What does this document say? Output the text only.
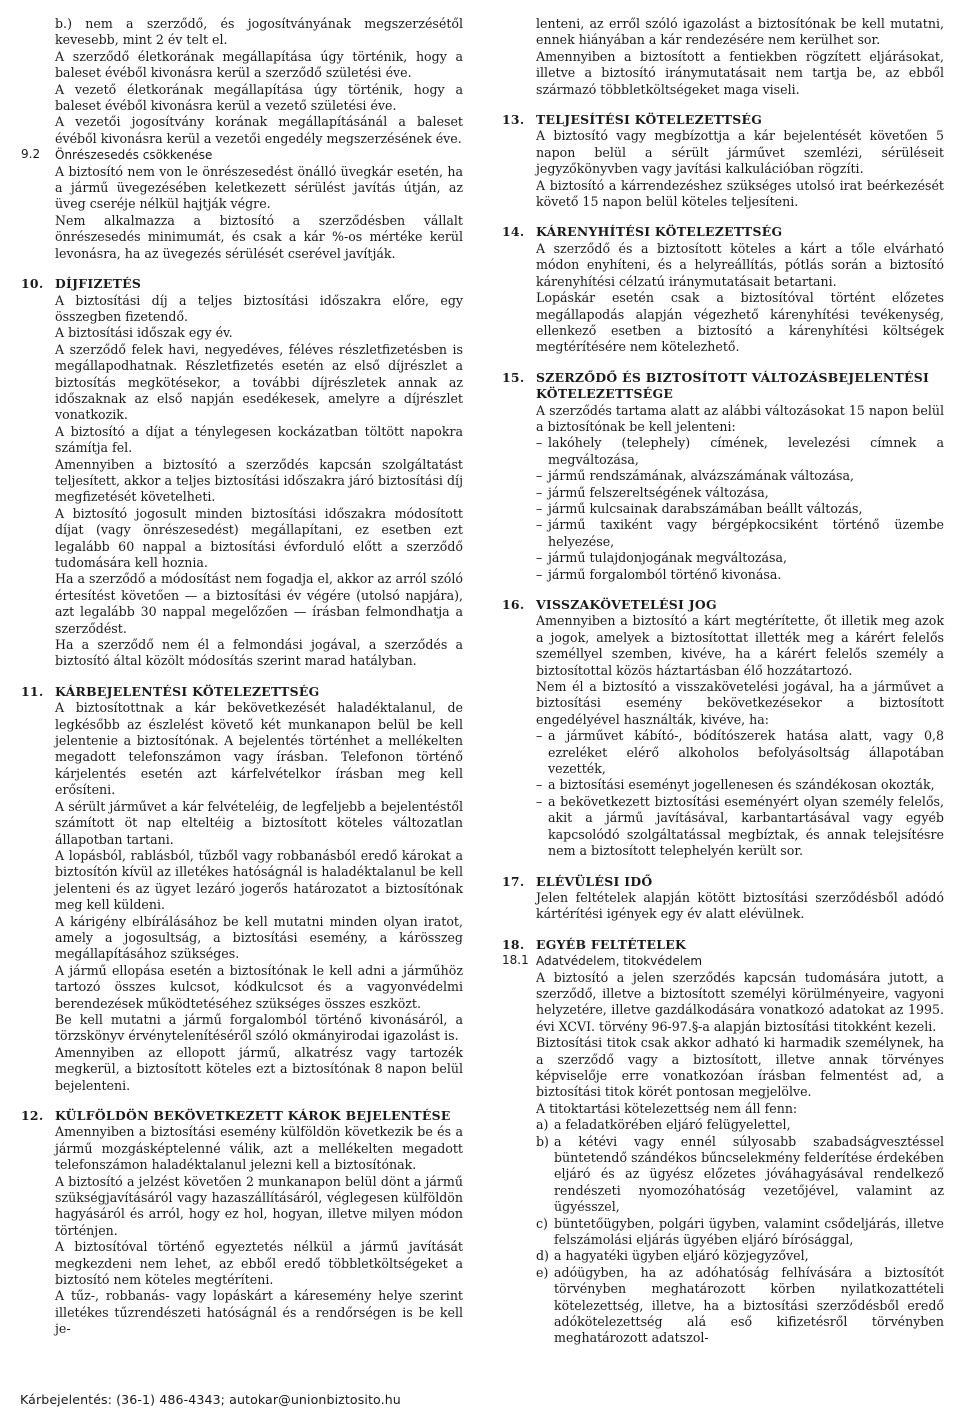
b.) nem a szerződő, és jogosítványának megszerzésétől kevesebb, mint 2 év telt el.

A szerződő életkorának megállapítása úgy történik, hogy a baleset évéből kivonásra kerül a szerződő születési éve.

A vezető életkorának megállapítása úgy történik, hogy a baleset évéből kivonásra kerül a vezető születési éve.

A vezetői jogosítvány korának megállapításánál a baleset évéből kivonásra kerül a vezetői engedély megszerzésének éve.

9.2 Önrészesedés csökkenése

A biztosító nem von le önrészesedést önálló üvegkár esetén, ha a jármű üvegezésében keletkezett sérülést javítás útján, az üveg cseréje nélkül hajtják végre.

Nem alkalmazza a biztosító a szerződésben vállalt önrészesedés minimumát, és csak a kár %-os mértéke kerül levonásra, ha az üvegezés sérülését cserével javítják.

10. DÍJFIZETÉS

A biztosítási díj a teljes biztosítási időszakra előre, egy összegben fizetendő.

A biztosítási időszak egy év.

A szerződő felek havi, negyedéves, féléves részletfizetésben is megállapodhatnak. Részletfizetés esetén az első díjrészlet a biztosítás megkötésekor, a további díjrészletek annak az időszaknak az első napján esedékesek, amelyre a díjrészlet vonatkozik.

A biztosító a díjat a ténylegesen kockázatban töltött napokra számítja fel.

Amennyiben a biztosító a szerződés kapcsán szolgáltatást teljesített, akkor a teljes biztosítási időszakra járó biztosítási díj megfizetését követelheti.

A biztosító jogosult minden biztosítási időszakra módosított díjat (vagy önrészesedést) megállapítani, ez esetben ezt legalább 60 nappal a biztosítási évforduló előtt a szerződő tudomására kell hoznia.

Ha a szerződő a módosítást nem fogadja el, akkor az arról szóló értesítést követően — a biztosítási év végére (utolsó napjára), azt legalább 30 nappal megelőzően — írásban felmondhatja a szerződést.

Ha a szerződő nem él a felmondási jogával, a szerződés a biztosító által közölt módosítás szerint marad hatályban.

11. KÁRBEJELENTÉSI KÖTELEZETTSÉG

A biztosítottnak a kár bekövetkezését haladéktalanul, de legkésőbb az észlelést követő két munkanapon belül be kell jelentenie a biztosítónak. A bejelentés történhet a mellékelten megadott telefonszámon vagy írásban. Telefonon történő kárjelentés esetén azt kárfelvételkor írásban meg kell erősíteni.

A sérült járművet a kár felvételéig, de legfeljebb a bejelentéstől számított öt nap elteltéig a biztosított köteles változatlan állapotban tartani.

A lopásból, rablásból, tűzből vagy robbanásból eredő károkat a biztosítón kívül az illetékes hatóságnál is haladéktalanul be kell jelenteni és az ügyet lezáró jogerős határozatot a biztosítónak meg kell küldeni.

A kárigény elbírálásához be kell mutatni minden olyan iratot, amely a jogosultság, a biztosítási esemény, a kárösszeg megállapításához szükséges.

A jármű ellopása esetén a biztosítónak le kell adni a járműhöz tartozó összes kulcsot, kódkulcsot és a vagyonvédelmi berendezések működtetéséhez szükséges összes eszközt.

Be kell mutatni a jármű forgalomból történő kivonásáról, a törzskönyv érvénytelenítéséről szóló okmányirodai igazolást is.

Amennyiben az ellopott jármű, alkatrész vagy tartozék megkerül, a biztosított köteles ezt a biztosítónak 8 napon belül bejelenteni.

12. KÜLFÖLDÖN BEKÖVETKEZETT KÁROK BEJELENTÉSE

Amennyiben a biztosítási esemény külföldön következik be és a jármű mozgásképtelenné válik, azt a mellékelten megadott telefonszámon haladéktalanul jelezni kell a biztosítónak.

A biztosító a jelzést követően 2 munkanapon belül dönt a jármű szükségjavításáról vagy hazaszállításáról, véglegesen külföldön hagyásáról és arról, hogy ez hol, hogyan, illetve milyen módon történjen.

A biztosítóval történő egyeztetés nélkül a jármű javítását megkezdeni nem lehet, az ebből eredő többletköltségeket a biztosító nem köteles megtéríteni.

A tűz-, robbanás- vagy lopáskárt a káresemény helye szerint illetékes tűzrendészeti hatóságnál és a rendőrségen is be kell je-

lenteni, az erről szóló igazolást a biztosítónak be kell mutatni, ennek hiányában a kár rendezésére nem kerülhet sor.

Amennyiben a biztosított a fentiekben rögzített eljárásokat, illetve a biztosító iránymutatásait nem tartja be, az ebből származó többletköltségeket maga viseli.

13. TELJESÍTÉSI KÖTELEZETTSÉG

A biztosító vagy megbízottja a kár bejelentését követően 5 napon belül a sérült járművet szemlézi, sérüléseit jegyzőkönyvben vagy javítási kalkulációban rögzíti.

A biztosító a kárrendezéshez szükséges utolsó irat beérkezését követő 15 napon belül köteles teljesíteni.

14. KÁRENYHÍTÉSI KÖTELEZETTSÉG

A szerződő és a biztosított köteles a kárt a tőle elvárható módon enyhíteni, és a helyreállítás, pótlás során a biztosító kárenyhítési célzatú iránymutatásait betartani.

Lopáskár esetén csak a biztosítóval történt előzetes megállapodás alapján végezhető kárenyhítési tevékenység, ellenkező esetben a biztosító a kárenyhítési költségek megtérítésére nem kötelezhető.

15. SZERZŐDŐ ÉS BIZTOSÍTOTT VÁLTOZÁSBEJELENTÉSI KÖTELEZETTSÉGE

A szerződés tartama alatt az alábbi változásokat 15 napon belül a biztosítónak be kell jelenteni:

– lakóhely (telephely) címének, levelezési címnek a megváltozása,
– jármű rendszámának, alvázszámának változása,
– jármű felszereltségének változása,
– jármű kulcsainak darabszámában beállt változás,
– jármű taxiként vagy bérgépkocsiként történő üzembe helyezése,
– jármű tulajdonjogának megváltozása,
– jármű forgalomból történő kivonása.
16. VISSZAKÖVETELÉSI JOG

Amennyiben a biztosító a kárt megtérítette, őt illetik meg azok a jogok, amelyek a biztosítottat illették meg a kárért felelős személlyel szemben, kivéve, ha a kárért felelős személy a biztosítottal közös háztartásban élő hozzátartozó.

Nem él a biztosító a visszakövetelési jogával, ha a járművet a biztosítási esemény bekövetkezésekor a biztosított engedélyével használták, kivéve, ha:

– a járművet kábító-, bódítószerek hatása alatt, vagy 0,8 ezreléket elérő alkoholos befolyásoltság állapotában vezették,
– a biztosítási eseményt jogellenesen és szándékosan okozták,
– a bekövetkezett biztosítási eseményért olyan személy felelős, akit a jármű javításával, karbantartásával vagy egyéb kapcsolódó szolgáltatással megbíztak, és annak telejsítésre nem a biztosított telephelyén került sor.
17. ELÉVÜLÉSI IDŐ

Jelen feltételek alapján kötött biztosítási szerződésből adódó kártérítési igények egy év alatt elévülnek.

18. EGYÉB FELTÉTELEK
18.1 Adatvédelem, titokvédelem

A biztosító a jelen szerződés kapcsán tudomására jutott, a szerződő, illetve a biztosított személyi körülményeire, vagyoni helyzetére, illetve gazdálkodására vonatkozó adatokat az 1995. évi XCVI. törvény 96-97.§-a alapján biztosítási titokként kezeli.

Biztosítási titok csak akkor adható ki harmadik személynek, ha a szerződő vagy a biztosított, illetve annak törvényes képviselője erre vonatkozóan írásban felmentést ad, a biztosítási titok körét pontosan megjelölve.

A titoktartási kötelezettség nem áll fenn:

a) a feladatkörében eljáró felügyelettel,
b) a kétévi vagy ennél súlyosabb szabadságvesztéssel büntetendő szándékos bűncselekmény felderítése érdekében eljáró és az ügyész előzetes jóváhagyásával rendelkező rendészeti nyomozóhatóság vezetőjével, valamint az ügyésszel,
c) büntetőügyben, polgári ügyben, valamint csődeljárás, illetve felszámolási eljárás ügyében eljáró bírósággal,
d) a hagyatéki ügyben eljáró közjegyzővel,
e) adóügyben, ha az adóhatóság felhívására a biztosítót törvényben meghatározott körben nyilatkozattételi kötelezettség, illetve, ha a biztosítási szerződésből eredő adókötelezettség alá eső kifizetésről törvényben meghatározott adatszol-
Kárbejelentés: (36-1) 486-4343; autokar@unionbiztosito.hu
